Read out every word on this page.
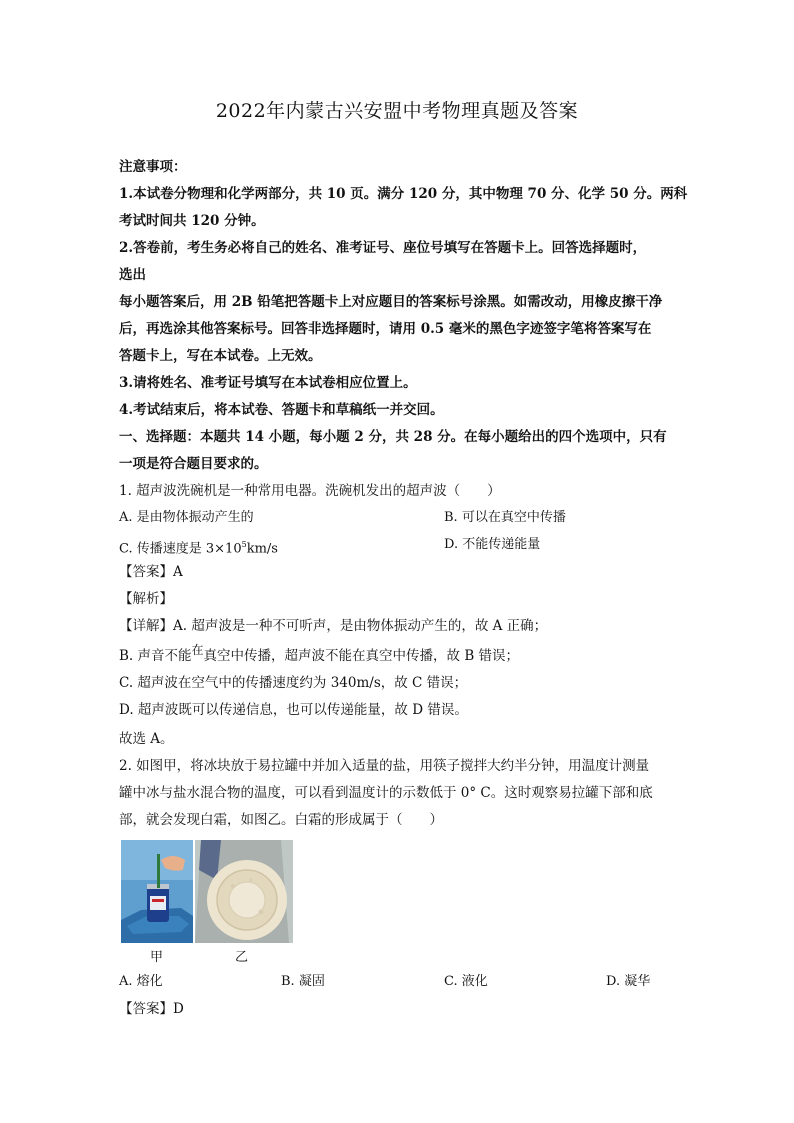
2022年内蒙古兴安盟中考物理真题及答案
注意事项：
1.本试卷分物理和化学两部分，共 10 页。满分 120 分，其中物理 70 分、化学 50 分。两科
考试时间共 120 分钟。
2.答卷前，考生务必将自己的姓名、准考证号、座位号填写在答题卡上。回答选择题时，
选出
每小题答案后，用 2B 铅笔把答题卡上对应题目的答案标号涂黑。如需改动，用橡皮擦干净
后，再选涂其他答案标号。回答非选择题时，请用 0.5 毫米的黑色字迹签字笔将答案写在
答题卡上，写在本试卷。上无效。
3.请将姓名、准考证号填写在本试卷相应位置上。
4.考试结束后，将本试卷、答题卡和草稿纸一并交回。
一、选择题：本题共 14 小题，每小题 2 分，共 28 分。在每小题给出的四个选项中，只有
一项是符合题目要求的。
1. 超声波洗碗机是一种常用电器。洗碗机发出的超声波（　　）
A. 是由物体振动产生的	B. 可以在真空中传播
C. 传播速度是 $3\times 10^5km/s$	D. 不能传递能量
【答案】A
【解析】
【详解】A. 超声波是一种不可听声，是由物体振动产生的，故 A 正确；
B. 声音不能在真空中传播，超声波不能在真空中传播，故 B 错误；
C. 超声波在空气中的传播速度约为 340m/s，故 C 错误；
D. 超声波既可以传递信息，也可以传递能量，故 D 错误。
故选 A。
2. 如图甲，将冰块放于易拉罐中并加入适量的盐，用筷子搅拌大约半分钟，用温度计测量
罐中冰与盐水混合物的温度，可以看到温度计的示数低于 0° C。这时观察易拉罐下部和底
部，就会发现白霜，如图乙。白霜的形成属于（　　）
甲	乙
A. 熔化	B. 凝固	C. 液化	D. 凝华
【答案】D
